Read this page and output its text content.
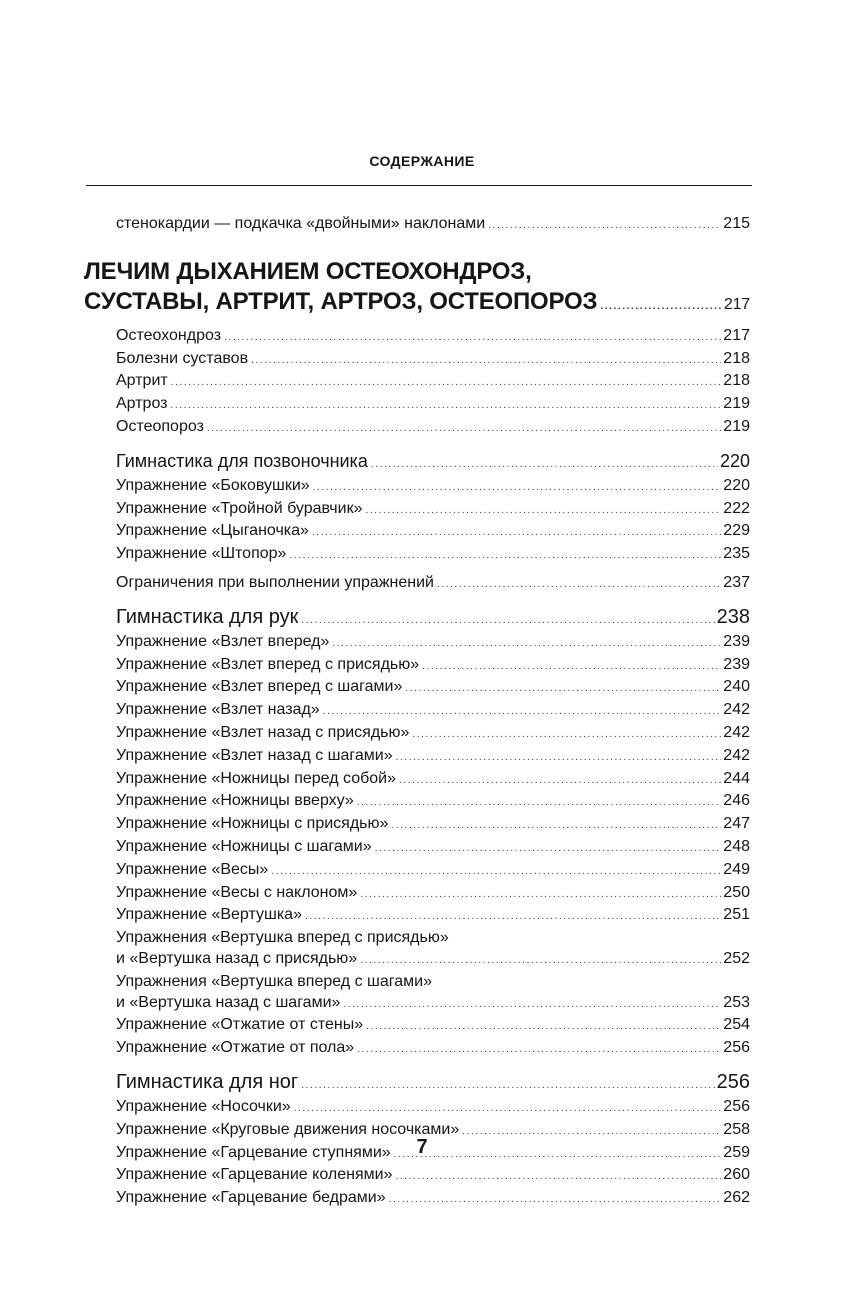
СОДЕРЖАНИЕ
стенокардии — подкачка «двойными» наклонами .....	215
ЛЕЧИМ ДЫХАНИЕМ ОСТЕОХОНДРОЗ,
СУСТАВЫ, АРТРИТ, АРТРОЗ, ОСТЕОПОРОЗ .....	217
Остеохондроз .....	217
Болезни суставов .....	218
Артрит .....	218
Артроз .....	219
Остеопороз .....	219
Гимнастика для позвоночника .....	220
Упражнение «Боковушки» .....	220
Упражнение «Тройной буравчик» .....	222
Упражнение «Цыганочка» .....	229
Упражнение «Штопор» .....	235
Ограничения при выполнении упражнений .....	237
Гимнастика для рук .....	238
Упражнение «Взлет вперед» .....	239
Упражнение «Взлет вперед с присядью» .....	239
Упражнение «Взлет вперед с шагами» .....	240
Упражнение «Взлет назад» .....	242
Упражнение «Взлет назад с присядью» .....	242
Упражнение «Взлет назад с шагами» .....	242
Упражнение «Ножницы перед собой» .....	244
Упражнение «Ножницы вверху» .....	246
Упражнение «Ножницы с присядью» .....	247
Упражнение «Ножницы с шагами» .....	248
Упражнение «Весы» .....	249
Упражнение «Весы с наклоном» .....	250
Упражнение «Вертушка» .....	251
Упражнения «Вертушка вперед с присядью»
и «Вертушка назад с присядью» .....	252
Упражнения «Вертушка вперед с шагами»
и «Вертушка назад с шагами» .....	253
Упражнение «Отжатие от стены» .....	254
Упражнение «Отжатие от пола» .....	256
Гимнастика для ног .....	256
Упражнение «Носочки» .....	256
Упражнение «Круговые движения носочками» .....	258
Упражнение «Гарцевание ступнями» .....	259
Упражнение «Гарцевание коленями» .....	260
Упражнение «Гарцевание бедрами» .....	262
7
